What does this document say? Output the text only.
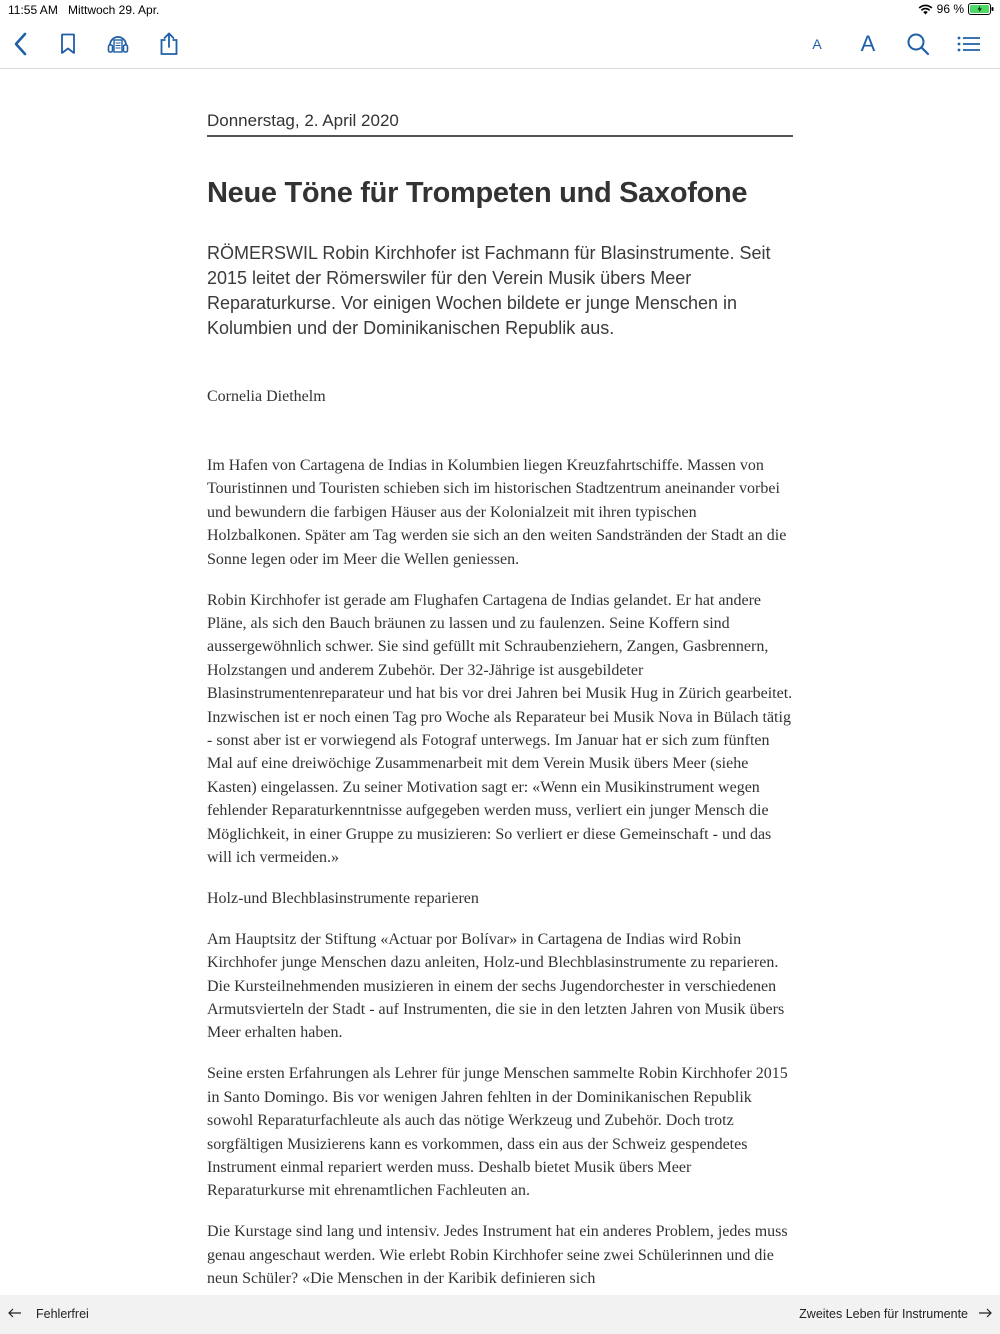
11:55 AM Mittwoch 29. Apr.	96 %
A A
Donnerstag, 2. April 2020
Neue Töne für Trompeten und Saxofone

RÖMERSWIL Robin Kirchhofer ist Fachmann für Blasinstrumente. Seit 2015 leitet der Römerswiler für den Verein Musik übers Meer Reparaturkurse. Vor einigen Wochen bildete er junge Menschen in Kolumbien und der Dominikanischen Republik aus.

Cornelia Diethelm

Im Hafen von Cartagena de Indias in Kolumbien liegen Kreuzfahrtschiffe. Massen von Touristinnen und Touristen schieben sich im historischen Stadtzentrum aneinander vorbei und bewundern die farbigen Häuser aus der Kolonialzeit mit ihren typischen Holzbalkonen. Später am Tag werden sie sich an den weiten Sandstränden der Stadt an die Sonne legen oder im Meer die Wellen geniessen.

Robin Kirchhofer ist gerade am Flughafen Cartagena de Indias gelandet. Er hat andere Pläne, als sich den Bauch bräunen zu lassen und zu faulenzen. Seine Koffern sind aussergewöhnlich schwer. Sie sind gefüllt mit Schraubenziehern, Zangen, Gasbrennern, Holzstangen und anderem Zubehör. Der 32-Jährige ist ausgebildeter Blasinstrumentenreparateur und hat bis vor drei Jahren bei Musik Hug in Zürich gearbeitet. Inzwischen ist er noch einen Tag pro Woche als Reparateur bei Musik Nova in Bülach tätig - sonst aber ist er vorwiegend als Fotograf unterwegs. Im Januar hat er sich zum fünften Mal auf eine dreiwöchige Zusammenarbeit mit dem Verein Musik übers Meer (siehe Kasten) eingelassen. Zu seiner Motivation sagt er: «Wenn ein Musikinstrument wegen fehlender Reparaturkenntnisse aufgegeben werden muss, verliert ein junger Mensch die Möglichkeit, in einer Gruppe zu musizieren: So verliert er diese Gemeinschaft - und das will ich vermeiden.»

Holz-und Blechblasinstrumente reparieren

Am Hauptsitz der Stiftung «Actuar por Bolívar» in Cartagena de Indias wird Robin Kirchhofer junge Menschen dazu anleiten, Holz-und Blechblasinstrumente zu reparieren. Die Kursteilnehmenden musizieren in einem der sechs Jugendorchester in verschiedenen Armutsvierteln der Stadt - auf Instrumenten, die sie in den letzten Jahren von Musik übers Meer erhalten haben.

Seine ersten Erfahrungen als Lehrer für junge Menschen sammelte Robin Kirchhofer 2015 in Santo Domingo. Bis vor wenigen Jahren fehlten in der Dominikanischen Republik sowohl Reparaturfachleute als auch das nötige Werkzeug und Zubehör. Doch trotz sorgfältigen Musizierens kann es vorkommen, dass ein aus der Schweiz gespendetes Instrument einmal repariert werden muss. Deshalb bietet Musik übers Meer Reparaturkurse mit ehrenamtlichen Fachleuten an.

Die Kurstage sind lang und intensiv. Jedes Instrument hat ein anderes Problem, jedes muss genau angeschaut werden. Wie erlebt Robin Kirchhofer seine zwei Schülerinnen und die neun Schüler? «Die Menschen in der Karibik definieren sich

Fehlerfrei	Zweites Leben für Instrumente
